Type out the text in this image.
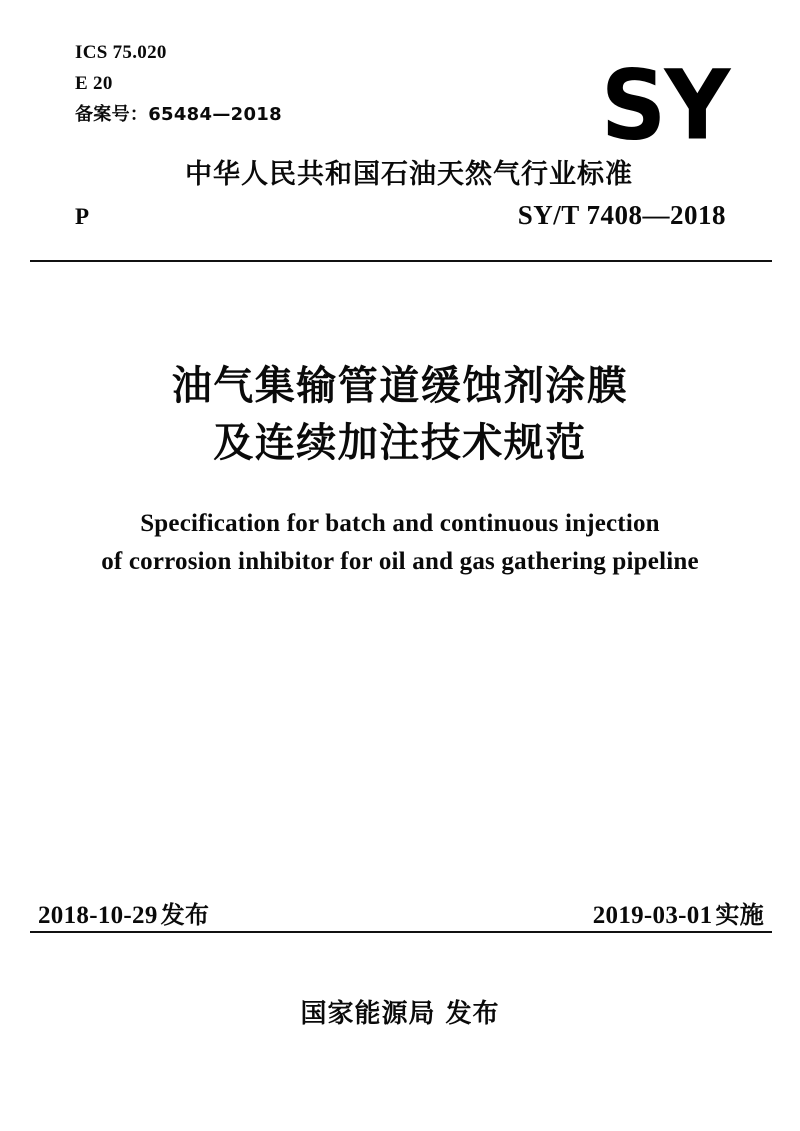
ICS 75.020
E 20
备案号：65484—2018	SY
中华人民共和国石油天然气行业标准
P	SY/T 7408—2018
油气集输管道缓蚀剂涂膜
及连续加注技术规范
Specification for batch and continuous injection
of corrosion inhibitor for oil and gas gathering pipeline
2018-10-29 发布	2019-03-01 实施
国家能源局 发布
